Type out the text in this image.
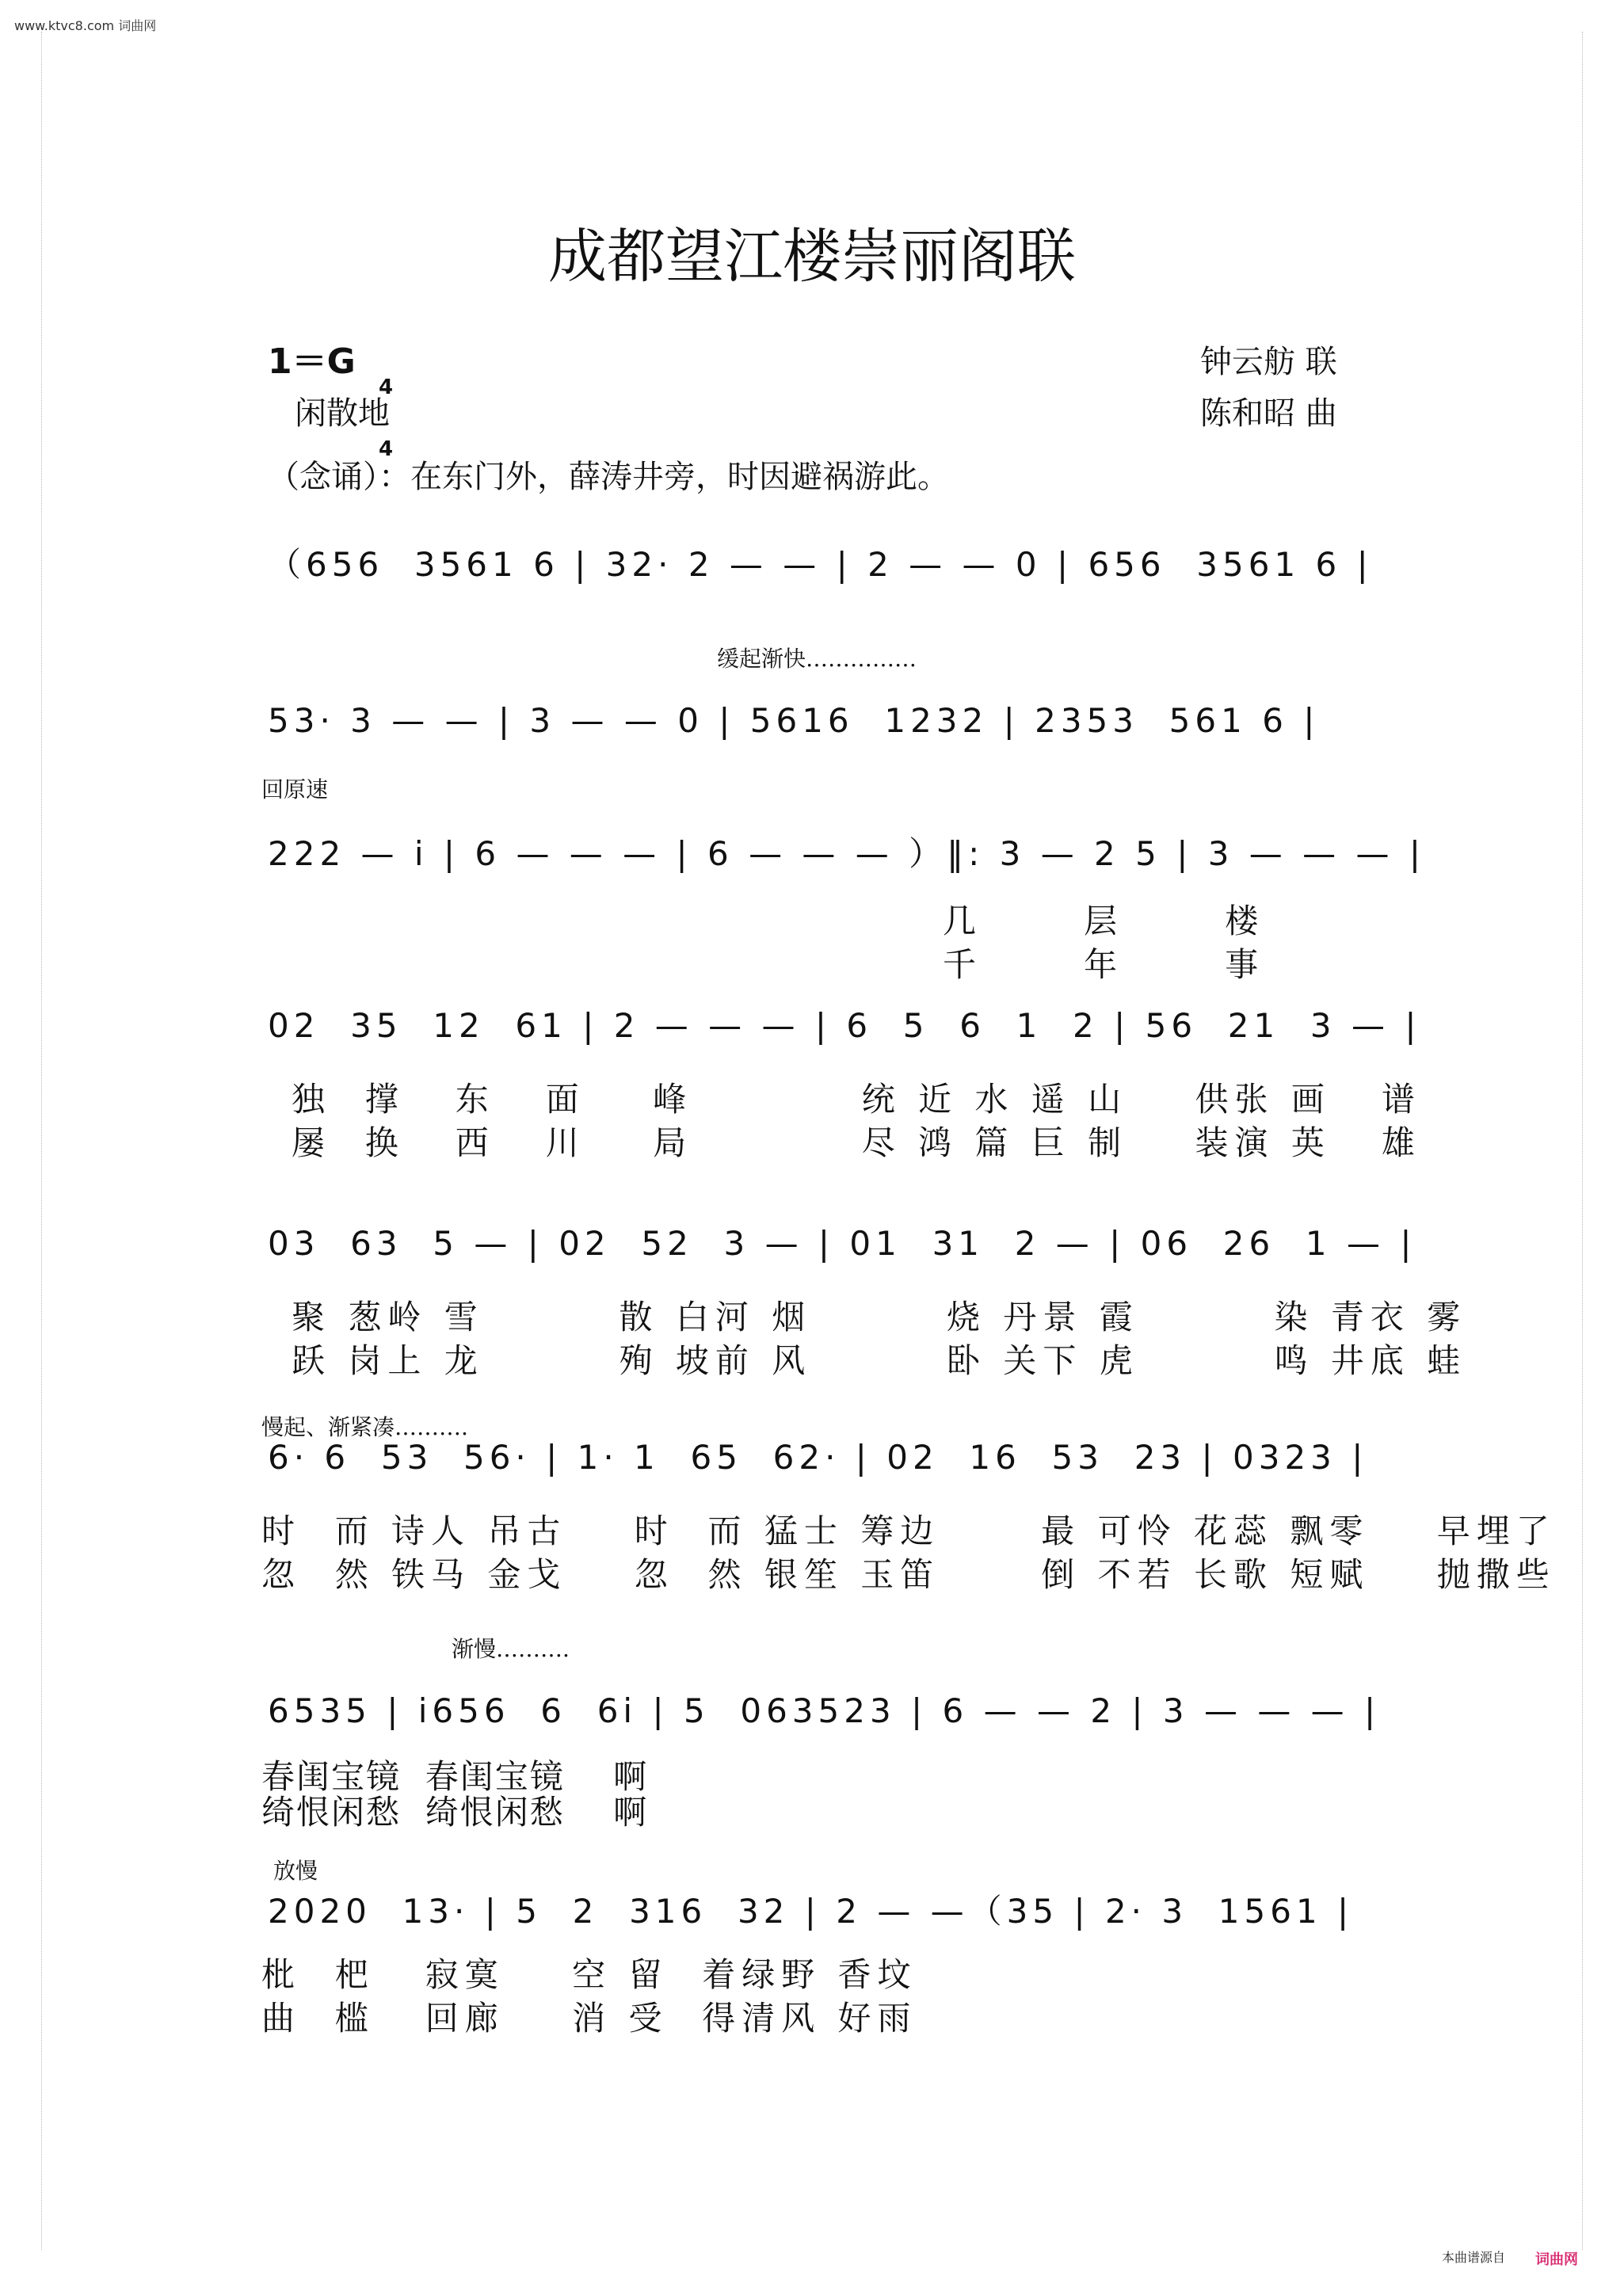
www.ktvc8.com 词曲网
成都望江楼崇丽阁联
1＝G

4

4

钟云舫 联
闲散地	陈和昭 曲
（念诵）：在东门外，薛涛井旁，时因避祸游此。
（656  3561 6 | 32· 2 — — | 2 — — 0 | 656  3561 6 |
缓起渐快……………
53· 3 — — | 3 — — 0 | 5616  1232 | 2353  561 6 |
回原速
222 — i | 6 — — — | 6 — — — ）‖: 3 — 2 5 | 3 — — — |
几      层      楼
千      年      事
02  35  12  61 | 2 — — — | 6  5  6  1  2 | 56  21  3 — |
独  撑   东   面    峰          统 近 水 遥 山    供张 画   谱
屡  换   西   川    局          尽 鸿 篇 巨 制    装演 英   雄
03  63  5 — | 02  52  3 — | 01  31  2 — | 06  26  1 — |
聚 葱岭 雪        散 白河 烟        烧 丹景 霞        染 青衣 雾
跃 岗上 龙        殉 坡前 风        卧 关下 虎        鸣 井底 蛙
慢起、渐紧凑……….
6· 6  53  56· | 1· 1  65  62· | 02  16  53  23 | 0323 |
时  而 诗人 吊古    时  而 猛士 筹边      最 可怜 花蕊 飘零    早埋了
忽  然 铁马 金戈    忽  然 银笙 玉笛      倒 不若 长歌 短赋    抛撒些
渐慢……….
6535 | i656  6  6i | 5  063523 | 6 — — 2 | 3 — — — |
春闺宝镜  春闺宝镜    啊
绮恨闲愁  绮恨闲愁    啊
放慢
2020  13· | 5  2  316  32 | 2 — —（35 | 2· 3  1561 |
枇  杷   寂寞    空 留  着绿野 香坟
曲  槛   回廊    消 受  得清风 好雨
本曲谱源自 词曲网
